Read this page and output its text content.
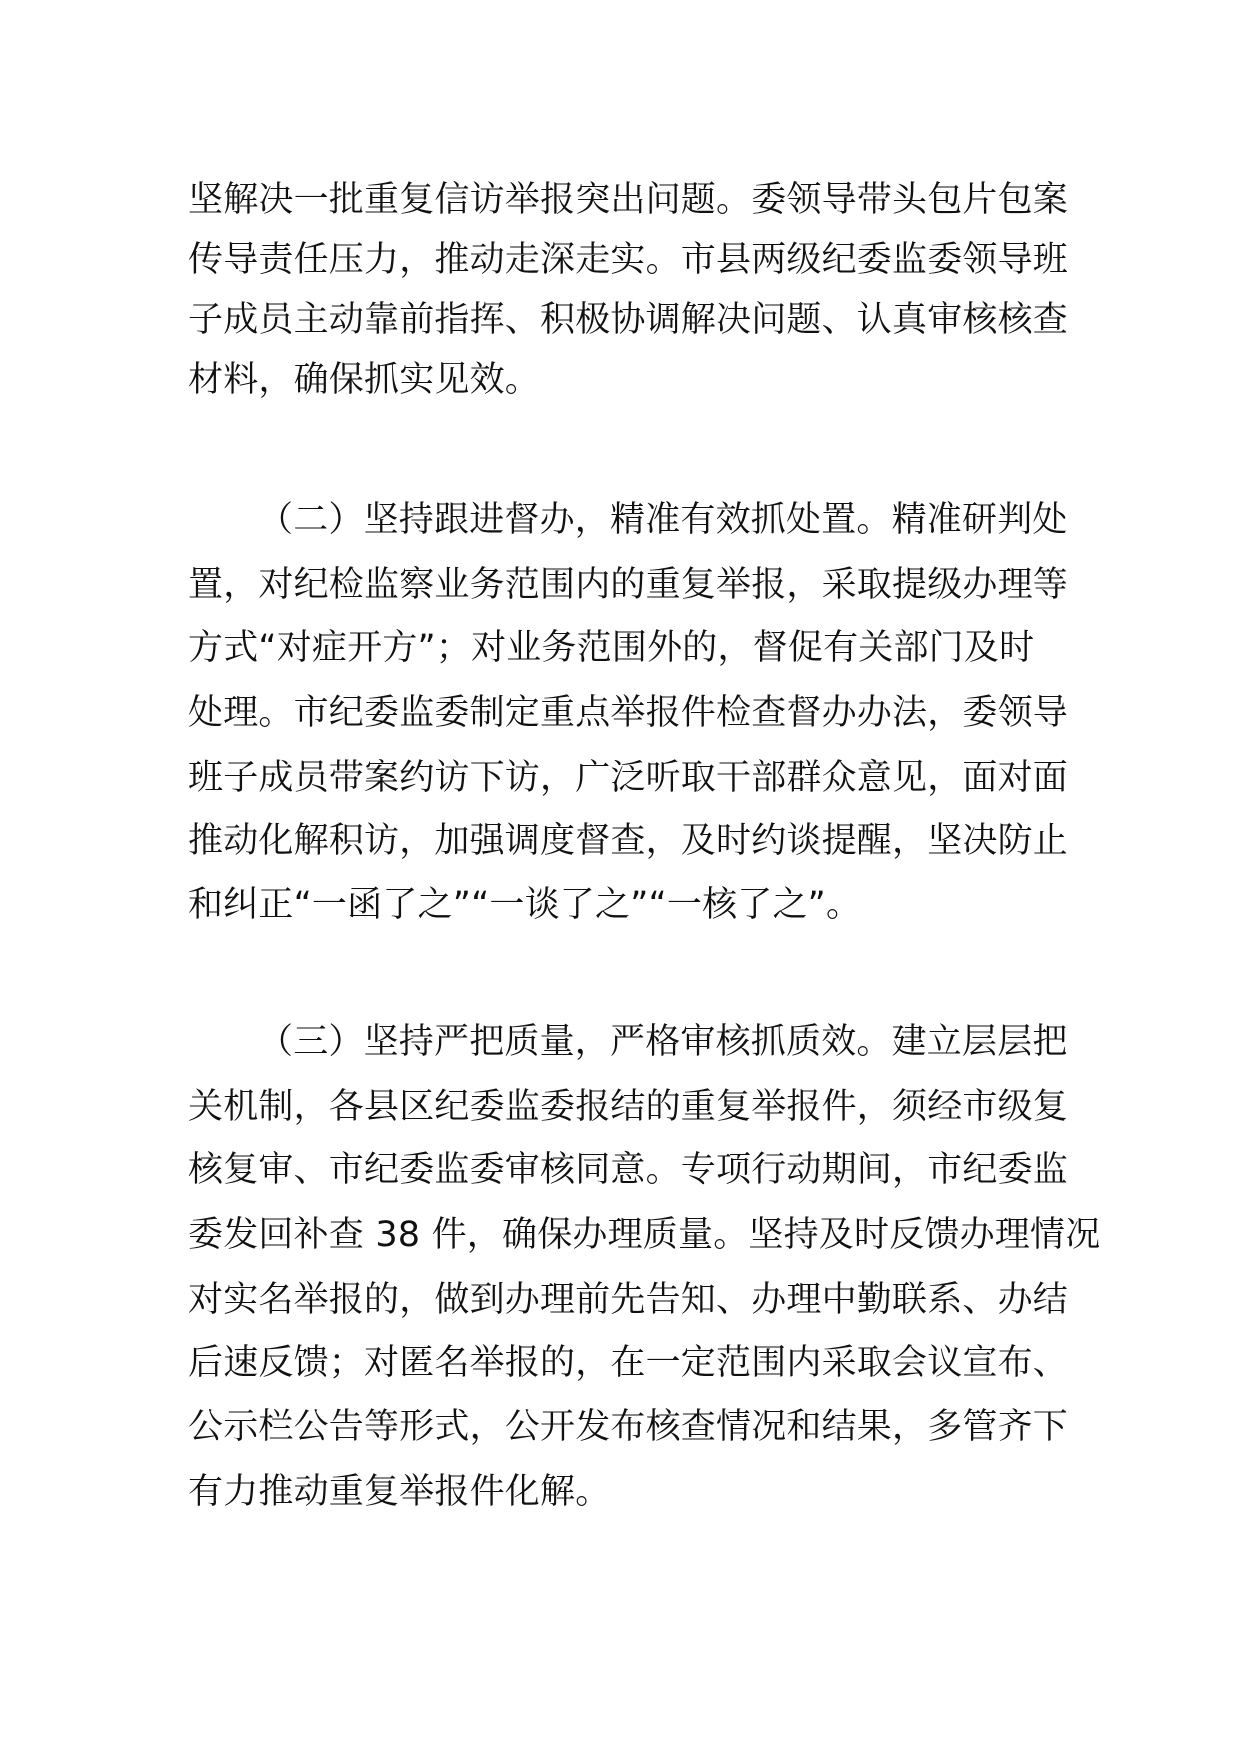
坚解决一批重复信访举报突出问题。委领导带头包片包案
传导责任压力，推动走深走实。市县两级纪委监委领导班
子成员主动靠前指挥、积极协调解决问题、认真审核核查
材料，确保抓实见效。
（二）坚持跟进督办，精准有效抓处置。精准研判处
置，对纪检监察业务范围内的重复举报，采取提级办理等
方式“对症开方”；对业务范围外的，督促有关部门及时
处理。市纪委监委制定重点举报件检查督办办法，委领导
班子成员带案约访下访，广泛听取干部群众意见，面对面
推动化解积访，加强调度督查，及时约谈提醒，坚决防止
和纠正“一函了之”“一谈了之”“一核了之”。
（三）坚持严把质量，严格审核抓质效。建立层层把
关机制，各县区纪委监委报结的重复举报件，须经市级复
核复审、市纪委监委审核同意。专项行动期间，市纪委监
委发回补查 38 件，确保办理质量。坚持及时反馈办理情况
对实名举报的，做到办理前先告知、办理中勤联系、办结
后速反馈；对匿名举报的，在一定范围内采取会议宣布、
公示栏公告等形式，公开发布核查情况和结果，多管齐下
有力推动重复举报件化解。
